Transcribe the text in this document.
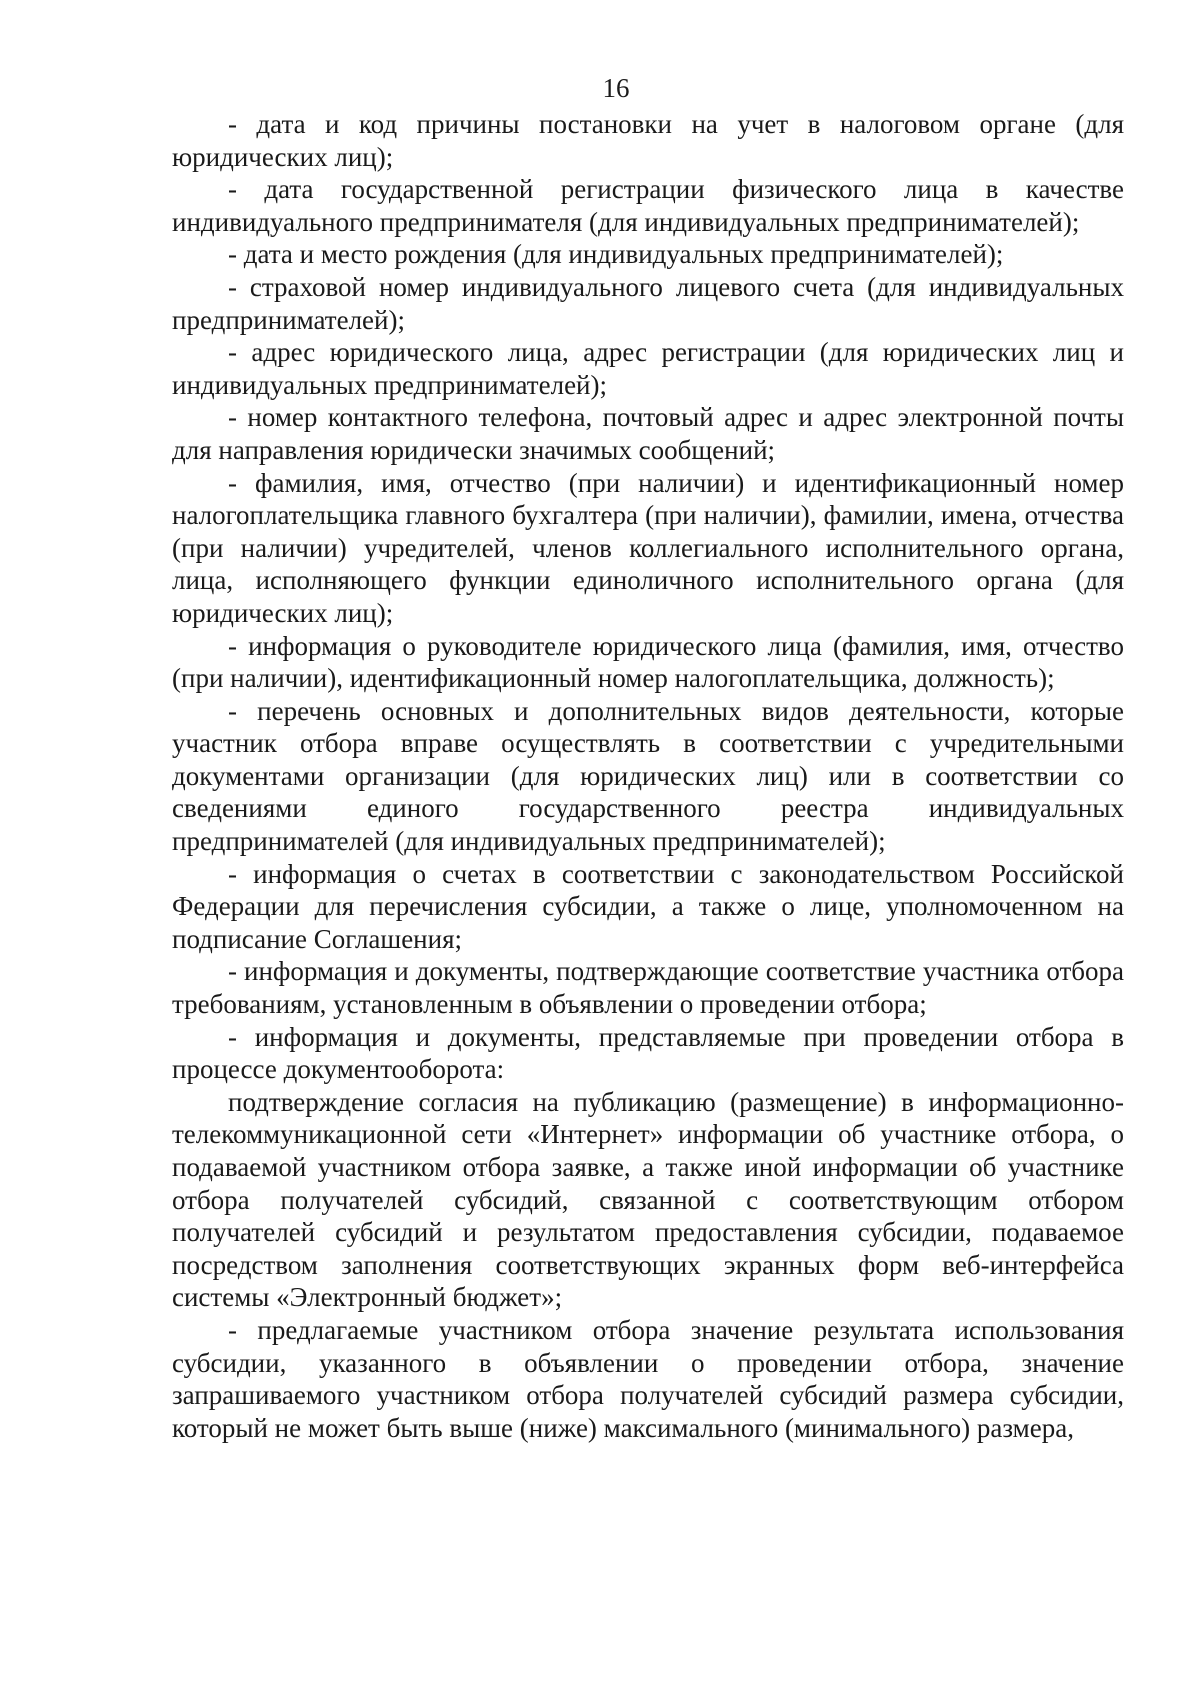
16

- дата и код причины постановки на учет в налоговом органе (для юридических лиц);

- дата государственной регистрации физического лица в качестве индивидуального предпринимателя (для индивидуальных предпринимателей);

- дата и место рождения (для индивидуальных предпринимателей);

- страховой номер индивидуального лицевого счета (для индивидуальных предпринимателей);

- адрес юридического лица, адрес регистрации (для юридических лиц и индивидуальных предпринимателей);

- номер контактного телефона, почтовый адрес и адрес электронной почты для направления юридически значимых сообщений;

- фамилия, имя, отчество (при наличии) и идентификационный номер налогоплательщика главного бухгалтера (при наличии), фамилии, имена, отчества (при наличии) учредителей, членов коллегиального исполнительного органа, лица, исполняющего функции единоличного исполнительного органа (для юридических лиц);

- информация о руководителе юридического лица (фамилия, имя, отчество (при наличии), идентификационный номер налогоплательщика, должность);

- перечень основных и дополнительных видов деятельности, которые участник отбора вправе осуществлять в соответствии с учредительными документами организации (для юридических лиц) или в соответствии со сведениями единого государственного реестра индивидуальных предпринимателей (для индивидуальных предпринимателей);

- информация о счетах в соответствии с законодательством Российской Федерации для перечисления субсидии, а также о лице, уполномоченном на подписание Соглашения;

- информация и документы, подтверждающие соответствие участника отбора требованиям, установленным в объявлении о проведении отбора;

- информация и документы, представляемые при проведении отбора в процессе документооборота:

подтверждение согласия на публикацию (размещение) в информационно-телекоммуникационной сети «Интернет» информации об участнике отбора, о подаваемой участником отбора заявке, а также иной информации об участнике отбора получателей субсидий, связанной с соответствующим отбором получателей субсидий и результатом предоставления субсидии, подаваемое посредством заполнения соответствующих экранных форм веб-интерфейса системы «Электронный бюджет»;

- предлагаемые участником отбора значение результата использования субсидии, указанного в объявлении о проведении отбора, значение запрашиваемого участником отбора получателей субсидий размера субсидии, который не может быть выше (ниже) максимального (минимального) размера,
